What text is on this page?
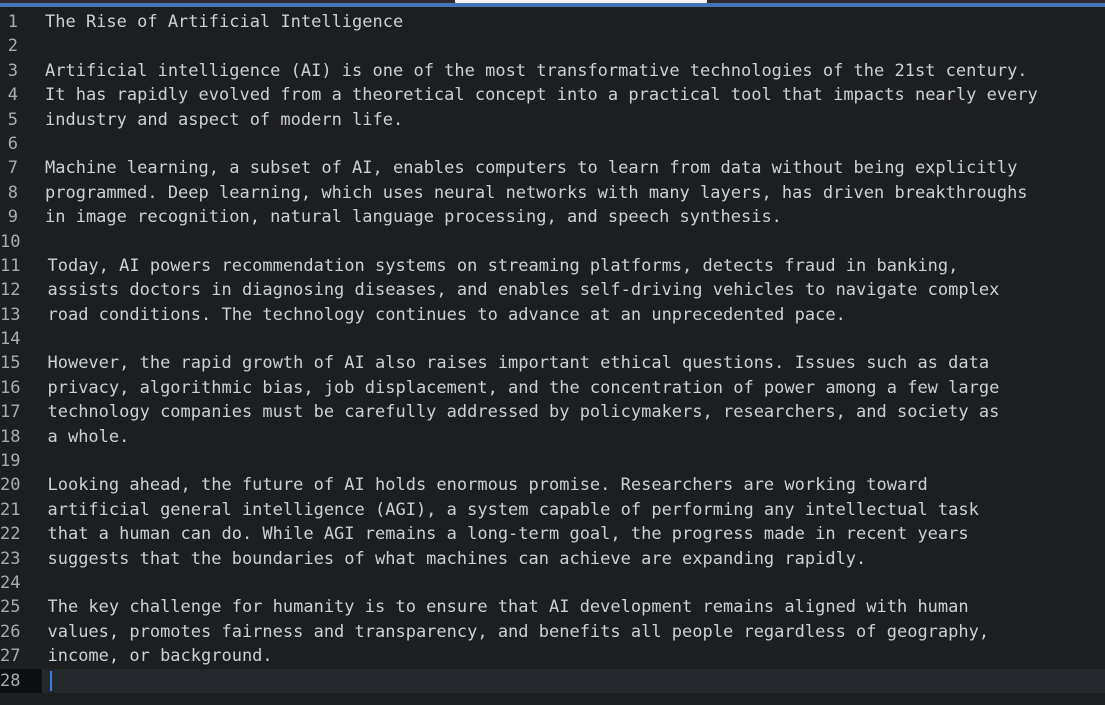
1	The Rise of Artificial Intelligence
2
3	Artificial intelligence (AI) is one of the most transformative technologies of the 21st century.
4	It has rapidly evolved from a theoretical concept into a practical tool that impacts nearly every
5	industry and aspect of modern life.
6
7	Machine learning, a subset of AI, enables computers to learn from data without being explicitly
8	programmed. Deep learning, which uses neural networks with many layers, has driven breakthroughs
9	in image recognition, natural language processing, and speech synthesis.
10
11	Today, AI powers recommendation systems on streaming platforms, detects fraud in banking,
12	assists doctors in diagnosing diseases, and enables self-driving vehicles to navigate complex
13	road conditions. The technology continues to advance at an unprecedented pace.
14
15	However, the rapid growth of AI also raises important ethical questions. Issues such as data
16	privacy, algorithmic bias, job displacement, and the concentration of power among a few large
17	technology companies must be carefully addressed by policymakers, researchers, and society as
18	a whole.
19
20	Looking ahead, the future of AI holds enormous promise. Researchers are working toward
21	artificial general intelligence (AGI), a system capable of performing any intellectual task
22	that a human can do. While AGI remains a long-term goal, the progress made in recent years
23	suggests that the boundaries of what machines can achieve are expanding rapidly.
24
25	The key challenge for humanity is to ensure that AI development remains aligned with human
26	values, promotes fairness and transparency, and benefits all people regardless of geography,
27	income, or background.
28
